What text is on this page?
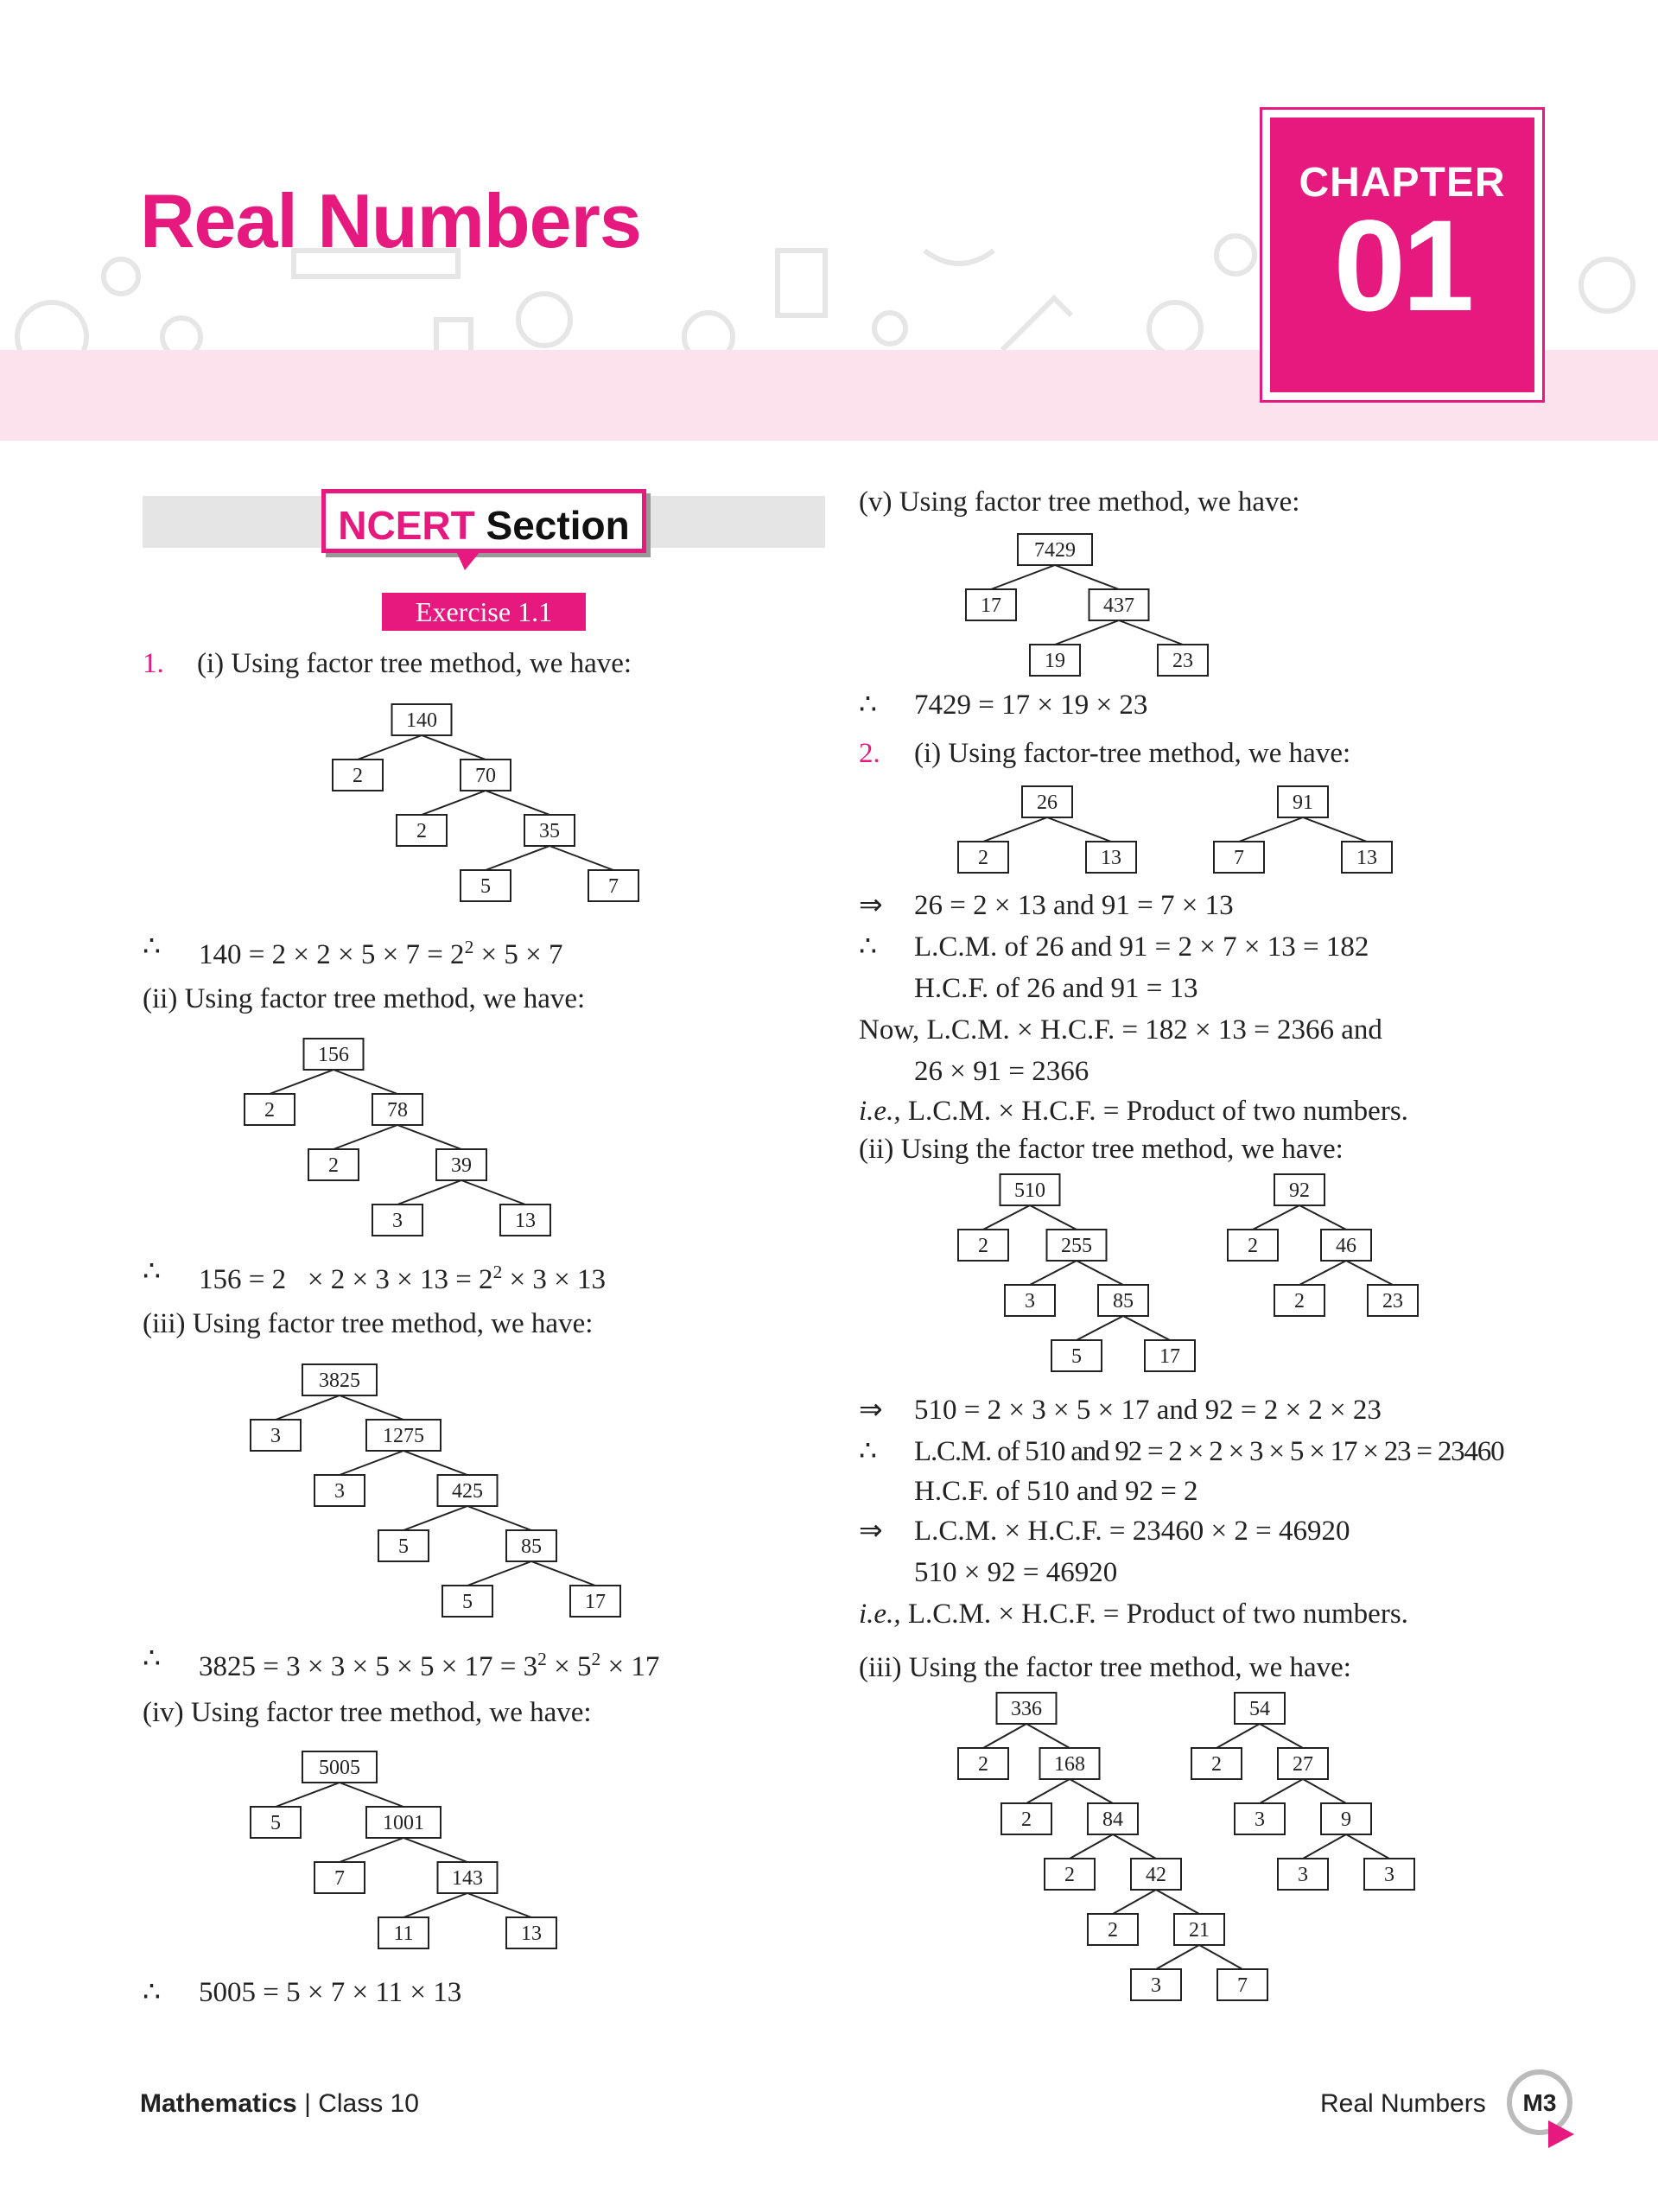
Real Numbers	CHAPTER
01
NCERT Section
Exercise 1.1
1. (i) Using factor tree method, we have:
140
2	70
2	35
5	7
156
2	78
2	39
3	13
3825
3	1275
3	425
5	85
5	17
5005
5	1001
7	143
11	13
7429
17	437
19	23
26
2	13
91
7	13
510
2	255
3	85
5	17
92
2	46
2	23
336
2	168
2	84
2	42
2	21
3	7
54
2	27
3	9
3	3
∴ $140 = 2 \times 2 \times 5 \times 7 = 2^2 \times 5 \times 7$
(ii) Using factor tree method, we have:
∴ $156 = 2 \times 2 \times 3 \times 13 = 2^2 \times 3 \times 13$
(iii) Using factor tree method, we have:
∴ $3825 = 3 \times 3 \times 5 \times 5 \times 17 = 3^2 \times 5^2 \times 17$
(iv) Using factor tree method, we have:
∴ 5005 = 5 × 7 × 11 × 13
(v) Using factor tree method, we have:
∴ 7429 = 17 × 19 × 23
2. (i) Using factor-tree method, we have:
⇒ 26 = 2 × 13 and 91 = 7 × 13
∴ L.C.M. of 26 and 91 = 2 × 7 × 13 = 182
H.C.F. of 26 and 91 = 13
Now, L.C.M. × H.C.F. = 182 × 13 = 2366 and
26 × 91 = 2366
i.e., L.C.M. × H.C.F. = Product of two numbers.
(ii) Using the factor tree method, we have:
⇒ 510 = 2 × 3 × 5 × 17 and 92 = 2 × 2 × 23
∴ L.C.M. of 510 and 92 = 2 × 2 × 3 × 5 × 17 × 23 = 23460
H.C.F. of 510 and 92 = 2
⇒ L.C.M. × H.C.F. = 23460 × 2 = 46920
510 × 92 = 46920
i.e., L.C.M. × H.C.F. = Product of two numbers.
(iii) Using the factor tree method, we have:
Mathematics | Class 10	Real Numbers	M3
